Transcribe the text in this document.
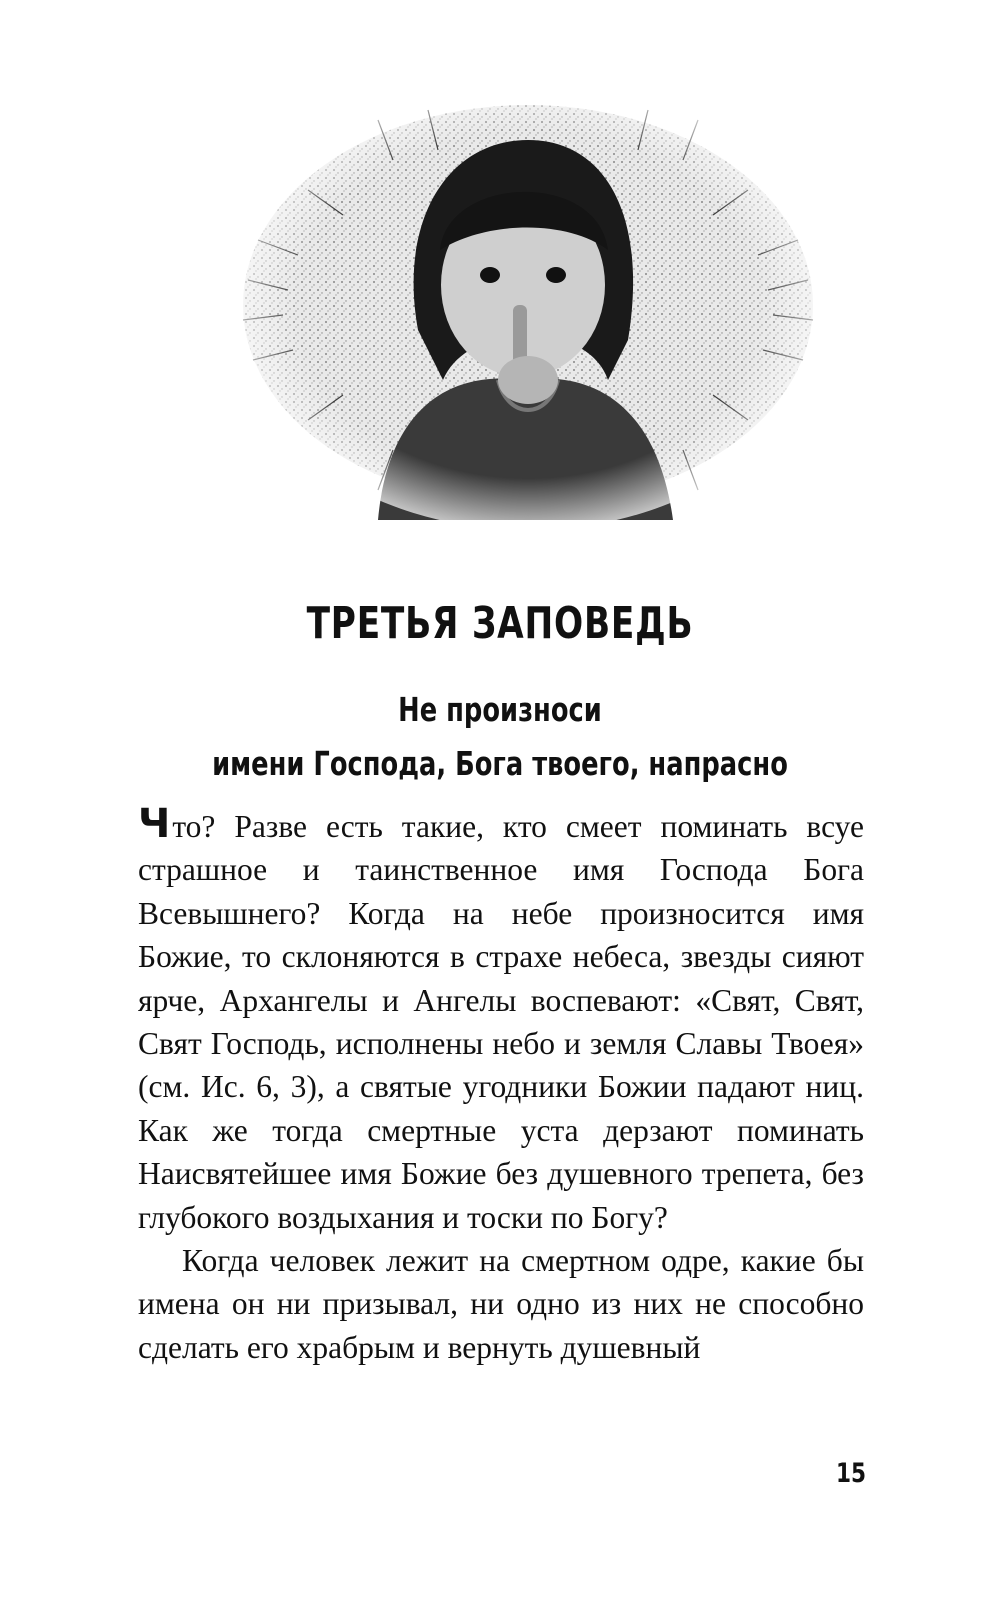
ТРЕТЬЯ ЗАПОВЕДЬ
Не произноси
имени Господа, Бога твоего, напрасно

Что? Разве есть такие, кто смеет поминать всуе страшное и таинственное имя Господа Бога Всевышнего? Когда на небе произносится имя Божие, то склоняются в страхе небеса, звезды сияют ярче, Архангелы и Ангелы воспевают: «Свят, Свят, Свят Господь, исполнены небо и земля Славы Твоея» (см. Ис. 6, 3), а святые угодники Божии падают ниц. Как же тогда смертные уста дерзают поминать Наисвятейшее имя Божие без душевного трепета, без глубокого воздыхания и тоски по Богу?

Когда человек лежит на смертном одре, какие бы имена он ни призывал, ни одно из них не способно сделать его храбрым и вернуть душевный

15
